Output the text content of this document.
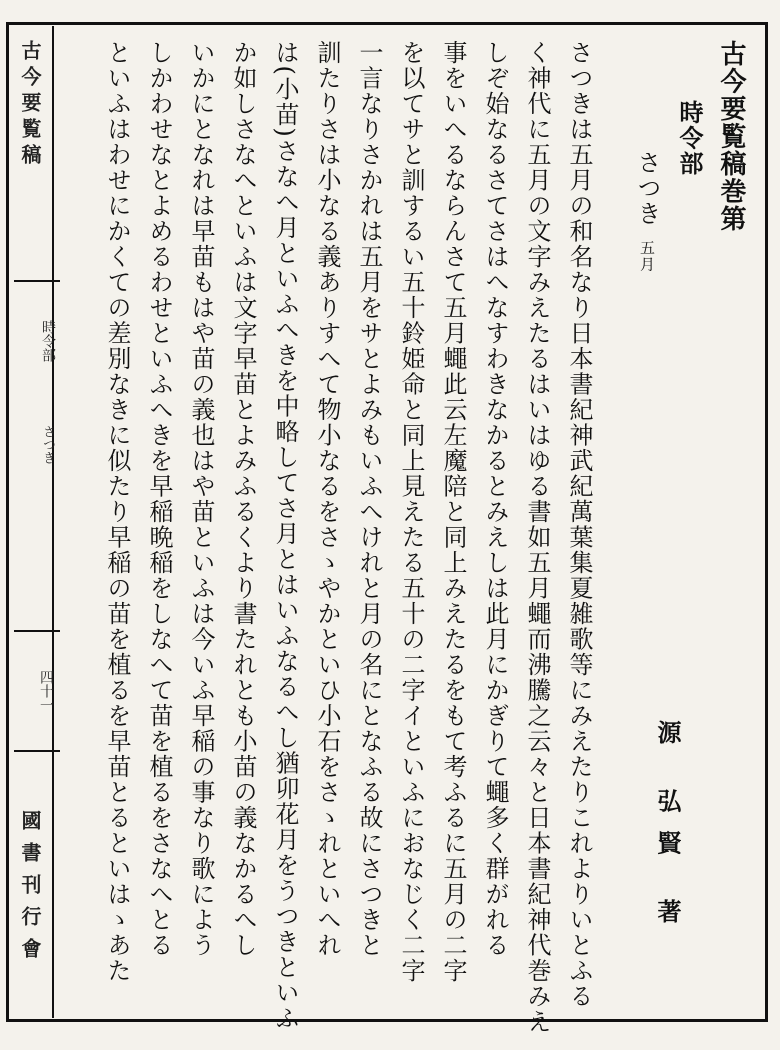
古今要覧稿
時令部
さつき
四十一
國書刊行會
古今要覧稿巻第
時令部
さつき 五月
さつきは五月の和名なり日本書紀神武紀萬葉集夏雑歌等にみえたりこれよりいとふる
く神代に五月の文字みえたるはいはゆる書如五月蠅而沸騰之云々と日本書紀神代巻みえ
しぞ始なるさてさはへなすわきなかるとみえしは此月にかぎりて蠅多く群がれる
事をいへるならんさて五月蠅此云左魔陪と同上みえたるをもて考ふるに五月の二字
を以てサと訓するい五十鈴姫命と同上見えたる五十の二字イといふにおなじく二字
一言なりさかれは五月をサとよみもいふへけれと月の名にとなふる故にさつきと
訓たりさは小なる義ありすへて物小なるをさゝやかといひ小石をさゝれといへれ
は(小苗)さなへ月といふへきを中略してさ月とはいふなるへし猶卯花月をうつきといふ
か如しさなへといふは文字早苗とよみふるくより書たれとも小苗の義なかるへし
いかにとなれは早苗もはや苗の義也はや苗といふは今いふ早稲の事なり歌によう
しかわせなとよめるわせといふへきを早稲晩稲をしなへて苗を植るをさなへとる
といふはわせにかくての差別なきに似たり早稲の苗を植るを早苗とるといはゝあた	源 弘賢 著
